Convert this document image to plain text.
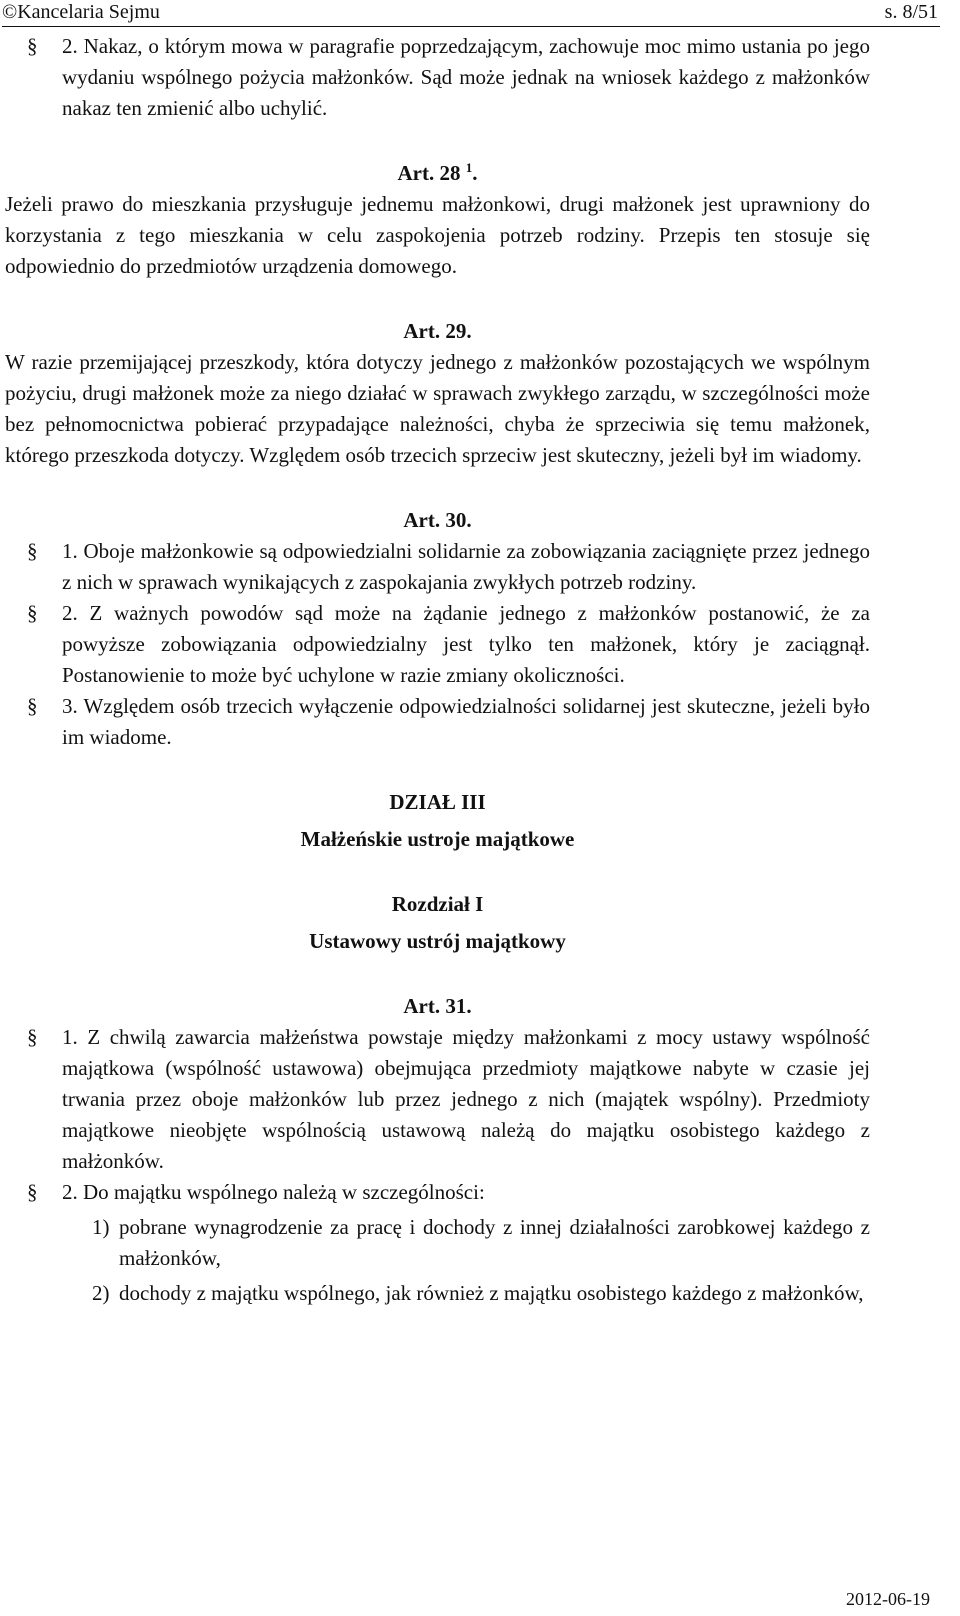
©Kancelaria Sejmu	s. 8/51
§	2. Nakaz, o którym mowa w paragrafie poprzedzającym, zachowuje moc mimo ustania po jego wydaniu wspólnego pożycia małżonków. Sąd może jednak na wniosek każdego z małżonków nakaz ten zmienić albo uchylić.

Art. 28 $^1$.

Jeżeli prawo do mieszkania przysługuje jednemu małżonkowi, drugi małżonek jest uprawniony do korzystania z tego mieszkania w celu zaspokojenia potrzeb rodziny. Przepis ten stosuje się odpowiednio do przedmiotów urządzenia domowego.

Art. 29.

W razie przemijającej przeszkody, która dotyczy jednego z małżonków pozostających we wspólnym pożyciu, drugi małżonek może za niego działać w sprawach zwykłego zarządu, w szczególności może bez pełnomocnictwa pobierać przypadające należności, chyba że sprzeciwia się temu małżonek, którego przeszkoda dotyczy. Względem osób trzecich sprzeciw jest skuteczny, jeżeli był im wiadomy.

Art. 30.

§	1. Oboje małżonkowie są odpowiedzialni solidarnie za zobowiązania zaciągnięte przez jednego z nich w sprawach wynikających z zaspokajania zwykłych potrzeb rodziny.
§	2. Z ważnych powodów sąd może na żądanie jednego z małżonków postanowić, że za powyższe zobowiązania odpowiedzialny jest tylko ten małżonek, który je zaciągnął. Postanowienie to może być uchylone w razie zmiany okoliczności.
§	3. Względem osób trzecich wyłączenie odpowiedzialności solidarnej jest skuteczne, jeżeli było im wiadome.

DZIAŁ III

Małżeńskie ustroje majątkowe

Rozdział I

Ustawowy ustrój majątkowy

Art. 31.

§	1. Z chwilą zawarcia małżeństwa powstaje między małżonkami z mocy ustawy wspólność majątkowa (wspólność ustawowa) obejmująca przedmioty majątkowe nabyte w czasie jej trwania przez oboje małżonków lub przez jednego z nich (majątek wspólny). Przedmioty majątkowe nieobjęte wspólnością ustawową należą do majątku osobistego każdego z małżonków.
§	2. Do majątku wspólnego należą w szczególności:
1) pobrane wynagrodzenie za pracę i dochody z innej działalności zarobkowej każdego z małżonków,
2) dochody z majątku wspólnego, jak również z majątku osobistego każdego z małżonków,
2012-06-19
